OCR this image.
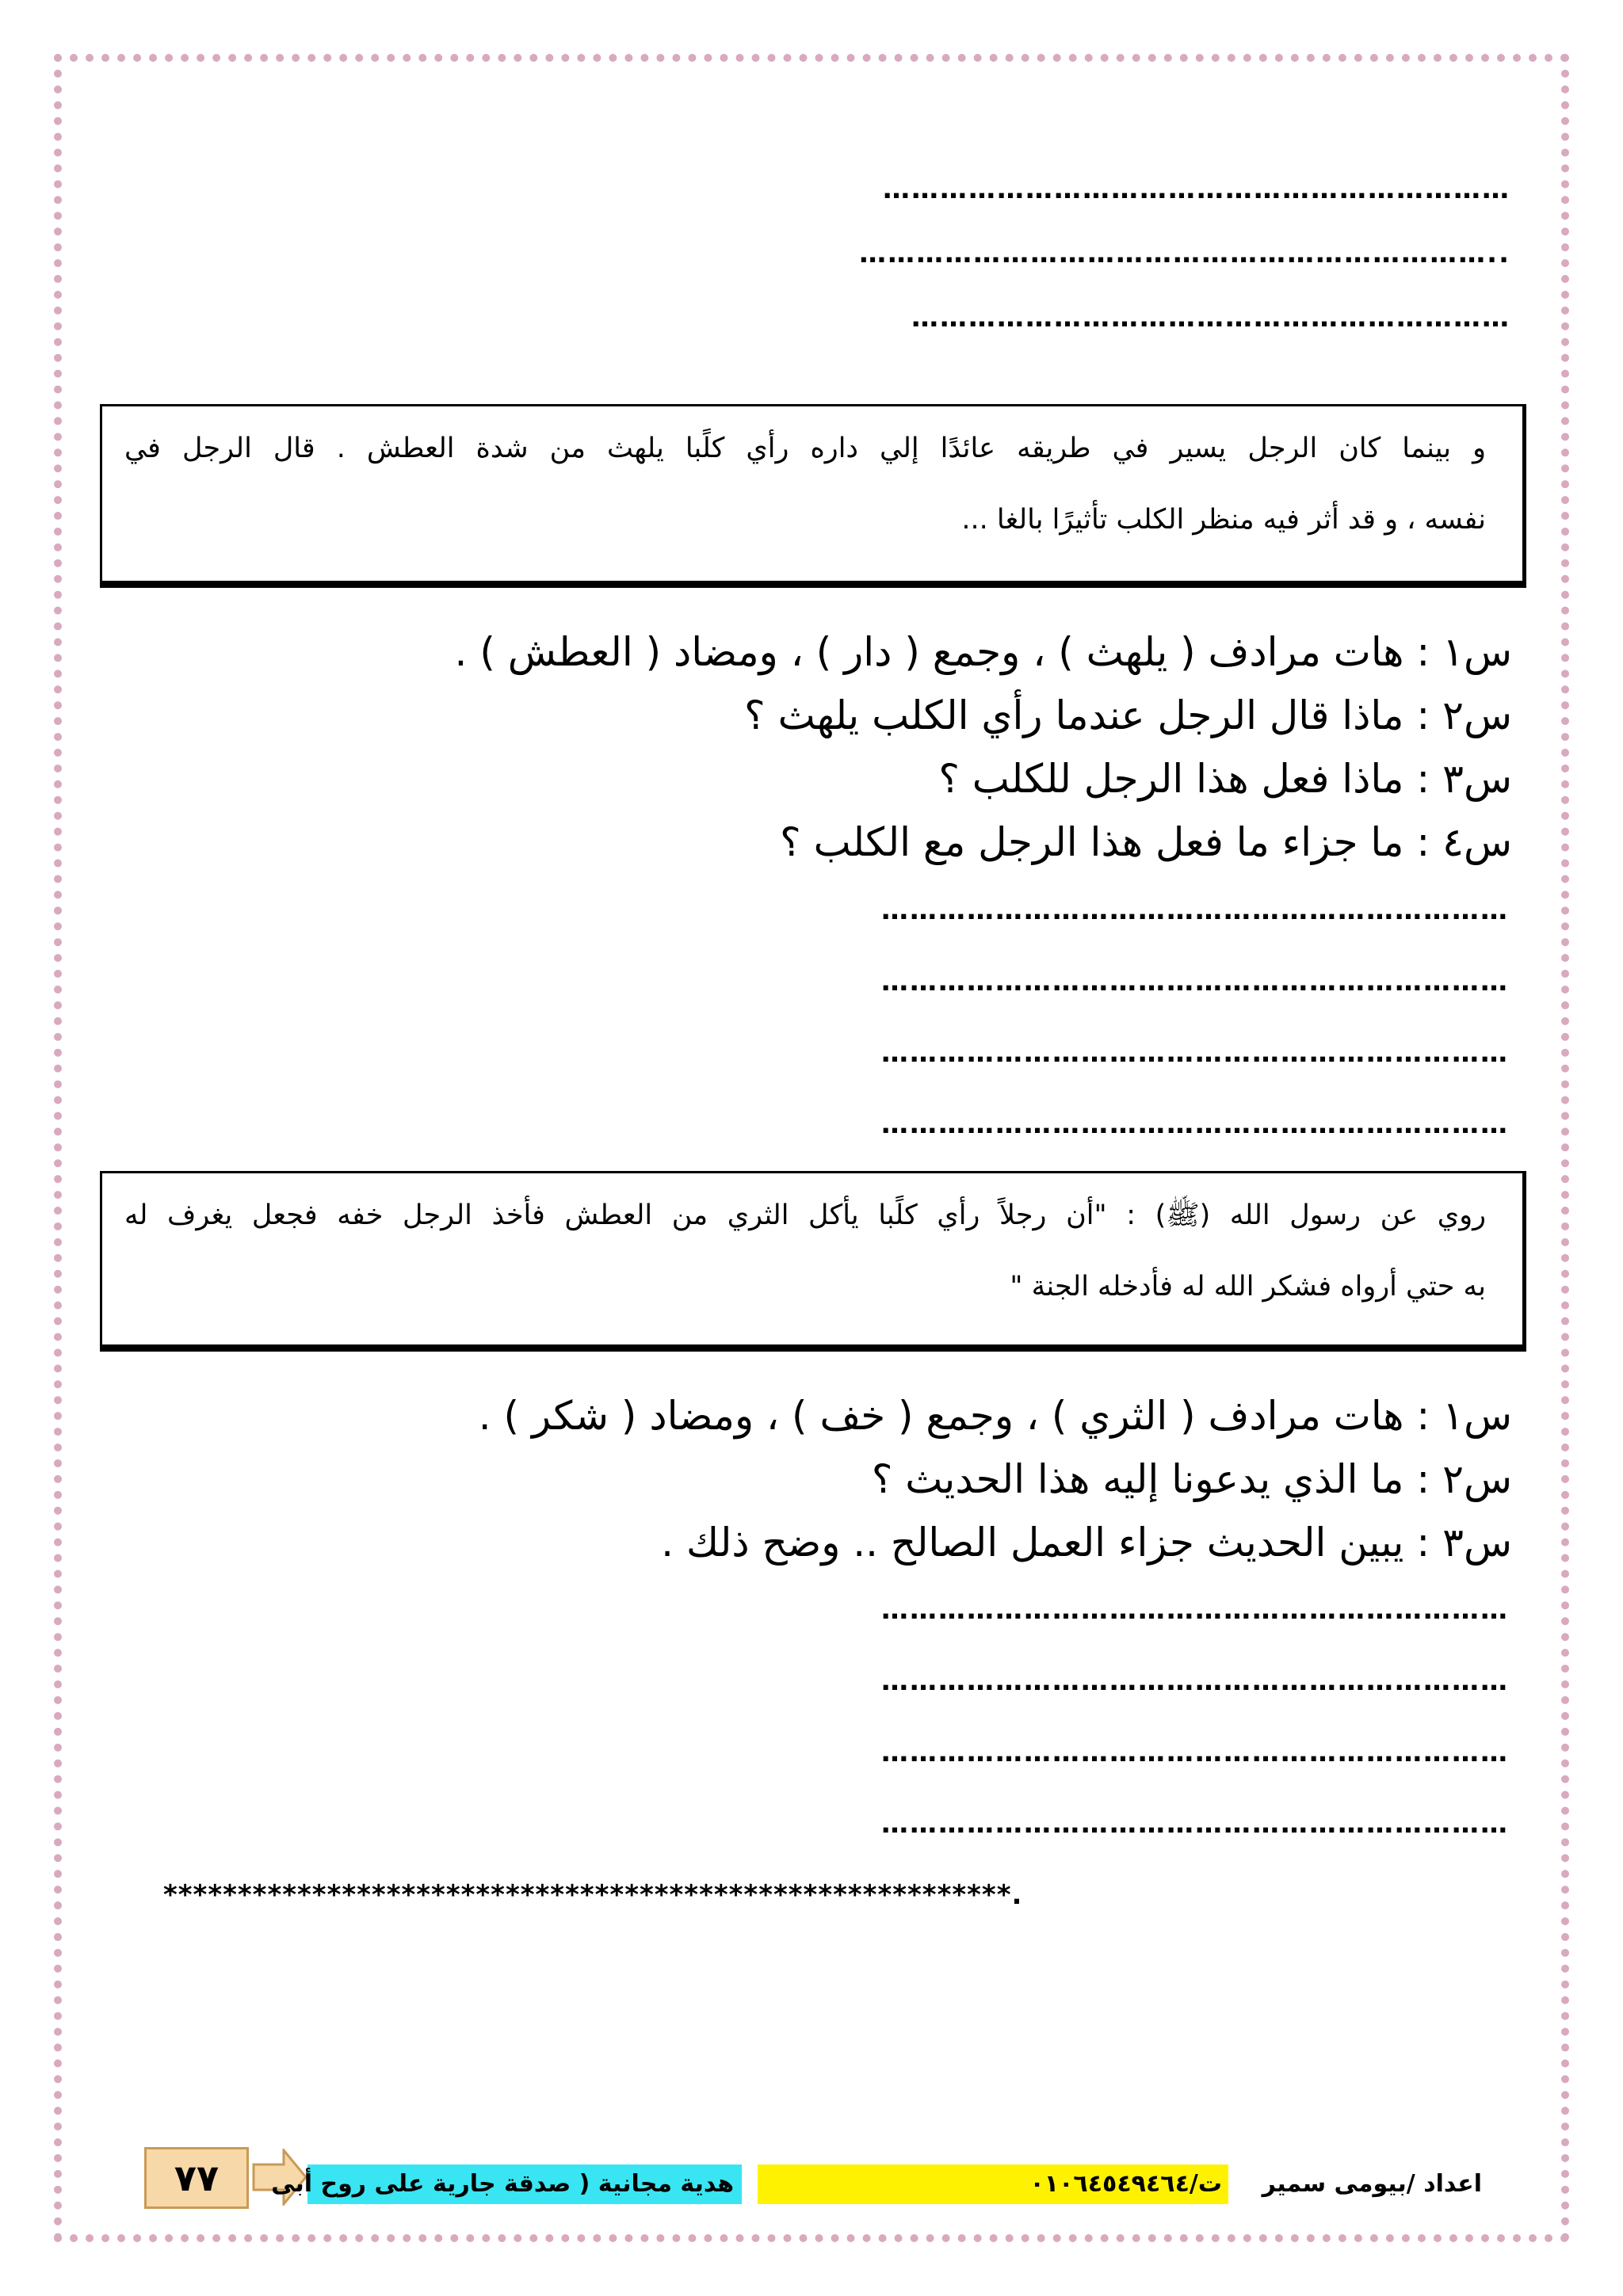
…………………………………………………………
…………………………………………………………..
………………………………………………………
و بينما كان الرجل يسير في طريقه عائدًا إلي داره رأي كلًبا يلهث من شدة العطش . قال الرجل في
نفسه ، و قد أثر فيه منظر الكلب تأثيرًا بالغا ...
س١ : هات مرادف ( يلهث ) ، وجمع ( دار ) ، ومضاد ( العطش ) .
س٢ : ماذا قال الرجل عندما رأي الكلب يلهث ؟
س٣ : ماذا فعل هذا الرجل للكلب ؟
س٤ : ما جزاء ما فعل هذا الرجل مع الكلب ؟
…………………………………………………………
…………………………………………………………
…………………………………………………………
…………………………………………………………
روي عن رسول الله (ﷺ) : "أن رجلاً رأي كلًبا يأكل الثري من العطش فأخذ الرجل خفه فجعل يغرف له
به حتي أرواه فشكر الله له فأدخله الجنة "
س١ : هات مرادف ( الثري ) ، وجمع ( خف ) ، ومضاد ( شكر ) .
س٢ : ما الذي يدعونا إليه هذا الحديث ؟
س٣ : يبين الحديث جزاء العمل الصالح .. وضح ذلك .
…………………………………………………………
…………………………………………………………
…………………………………………………………
…………………………………………………………
*********************************************************.
٧٧	هدية مجانية ( صدقة جارية على روح أبى	ت/٠١٠٦٤٥٤٩٤٦٤	اعداد /بيومى سمير
